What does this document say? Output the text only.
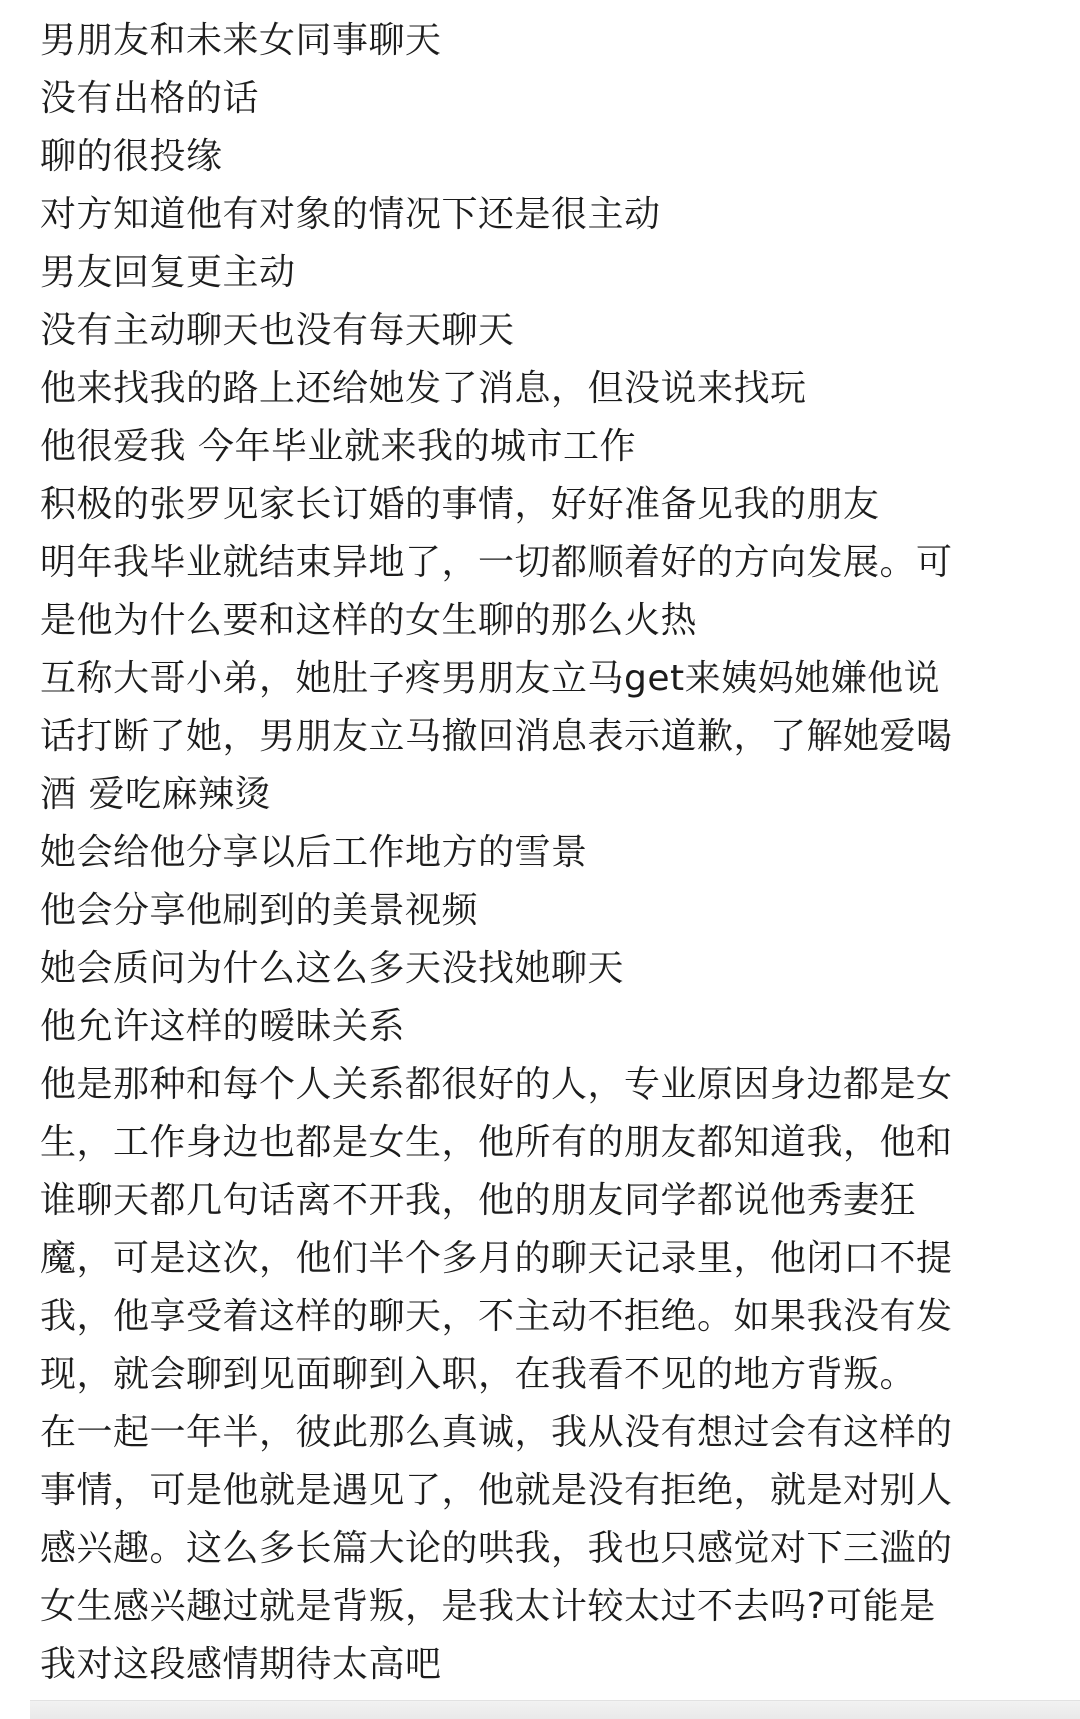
男朋友和未来女同事聊天
没有出格的话
聊的很投缘
对方知道他有对象的情况下还是很主动
男友回复更主动
没有主动聊天也没有每天聊天
他来找我的路上还给她发了消息，但没说来找玩
他很爱我 今年毕业就来我的城市工作
积极的张罗见家长订婚的事情，好好准备见我的朋友
明年我毕业就结束异地了，一切都顺着好的方向发展。可
是他为什么要和这样的女生聊的那么火热
互称大哥小弟，她肚子疼男朋友立马get来姨妈她嫌他说
话打断了她，男朋友立马撤回消息表示道歉，了解她爱喝
酒 爱吃麻辣烫
她会给他分享以后工作地方的雪景
他会分享他刷到的美景视频
她会质问为什么这么多天没找她聊天
他允许这样的暧昧关系
他是那种和每个人关系都很好的人，专业原因身边都是女
生，工作身边也都是女生，他所有的朋友都知道我，他和
谁聊天都几句话离不开我，他的朋友同学都说他秀妻狂
魔，可是这次，他们半个多月的聊天记录里，他闭口不提
我，他享受着这样的聊天，不主动不拒绝。如果我没有发
现，就会聊到见面聊到入职，在我看不见的地方背叛。
在一起一年半，彼此那么真诚，我从没有想过会有这样的
事情，可是他就是遇见了，他就是没有拒绝，就是对别人
感兴趣。这么多长篇大论的哄我，我也只感觉对下三滥的
女生感兴趣过就是背叛，是我太计较太过不去吗?可能是
我对这段感情期待太高吧
